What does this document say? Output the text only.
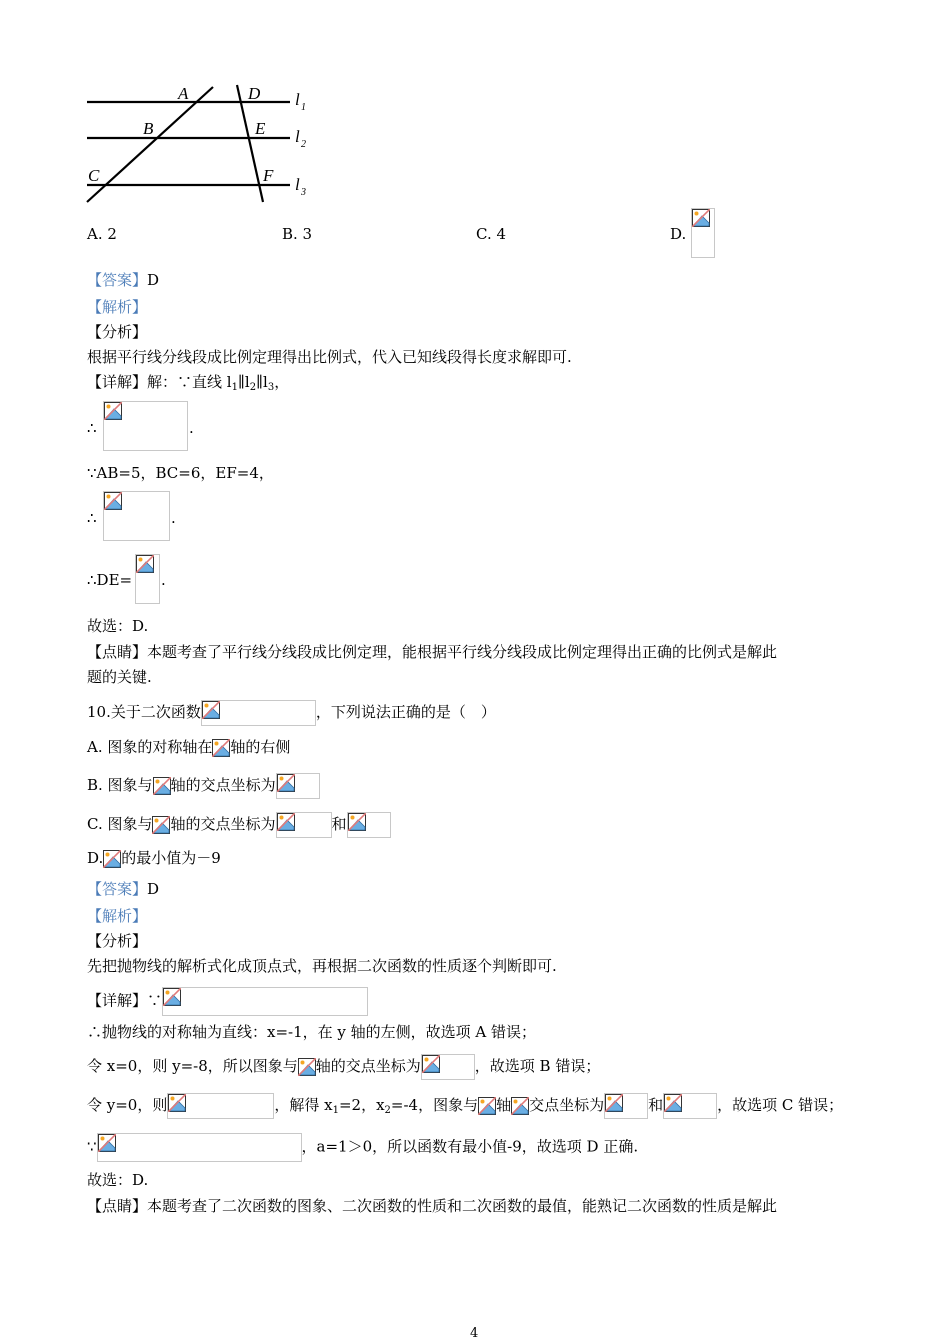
A
B
C
D
E
F
l 1
l 2
l 3
A. 2	B. 3	C. 4	D.
【答案】D
【解析】
【分析】
根据平行线分线段成比例定理得出比例式，代入已知线段得长度求解即可.
【详解】解：∵直线 $l_1\parallel l_2\parallel l_3$，
∴	.
∵AB=5，BC=6，EF=4，
∴	.
∴DE= .
故选：D.
【点睛】本题考查了平行线分线段成比例定理，能根据平行线分线段成比例定理得出正确的比例式是解此
题的关键.
10.关于二次函数	，下列说法正确的是（　）
A. 图象的对称轴在 轴的右侧
B. 图象与 轴的交点坐标为
C. 图象与 轴的交点坐标为	和
D. 的最小值为－9
【答案】D
【解析】
【分析】
先把抛物线的解析式化成顶点式，再根据二次函数的性质逐个判断即可.
【详解】∵
∴抛物线的对称轴为直线：x=-1，在 y 轴的左侧，故选项 A 错误；
令 x=0，则 y=-8，所以图象与 轴的交点坐标为	，故选项 B 错误；
令 y=0，则	，解得 $x_1=2$，$x_2=-4$，图象与 轴 交点坐标为	和	，故选项 C 错误；
∵	，a=1＞0，所以函数有最小值-9，故选项 D 正确.
故选：D.
【点睛】本题考查了二次函数的图象、二次函数的性质和二次函数的最值，能熟记二次函数的性质是解此
4
